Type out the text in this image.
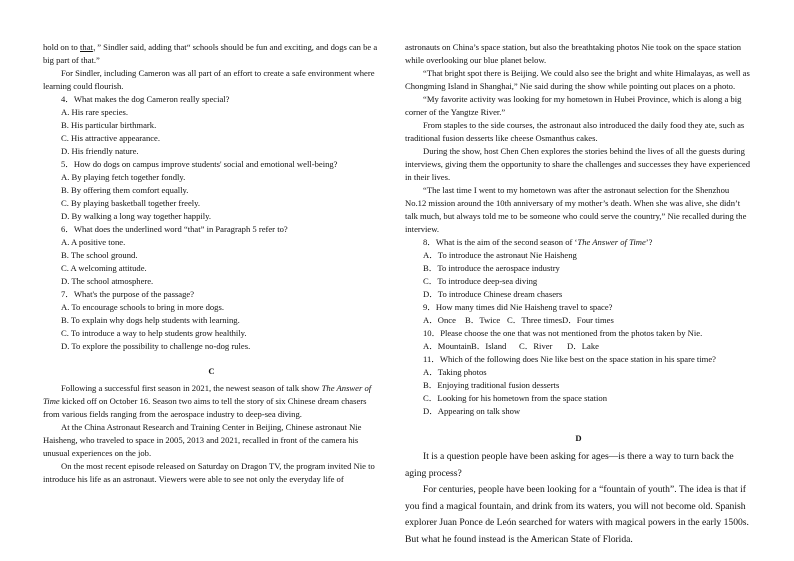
hold on to that，” Sindler said, adding that“ schools should be fun and exciting, and dogs can be a big part of that.”

For Sindler, including Cameron was all part of an effort to create a safe environment where learning could flourish.

4．What makes the dog Cameron really special?

A. His rare species.

B. His particular birthmark.

C. His attractive appearance.

D. His friendly nature.

5．How do dogs on campus improve students' social and emotional well-being?

A. By playing fetch together fondly.

B. By offering them comfort equally.

C. By playing basketball together freely.

D. By walking a long way together happily.

6．What does the underlined word “that” in Paragraph 5 refer to?

A. A positive tone.

B. The school ground.

C. A welcoming attitude.

D. The school atmosphere.

7．What's the purpose of the passage?

A. To encourage schools to bring in more dogs.

B. To explain why dogs help students with learning.

C. To introduce a way to help students grow healthily.

D. To explore the possibility to challenge no-dog rules.

C

Following a successful first season in 2021, the newest season of talk show The Answer of Time kicked off on October 16. Season two aims to tell the story of six Chinese dream chasers from various fields ranging from the aerospace industry to deep-sea diving.

At the China Astronaut Research and Training Center in Beijing, Chinese astronaut Nie Haisheng, who traveled to space in 2005, 2013 and 2021, recalled in front of the camera his unusual experiences on the job.

On the most recent episode released on Saturday on Dragon TV, the program invited Nie to introduce his life as an astronaut. Viewers were able to see not only the everyday life of

astronauts on China’s space station, but also the breathtaking photos Nie took on the space station while overlooking our blue planet below.

“That bright spot there is Beijing. We could also see the bright and white Himalayas, as well as Chongming Island in Shanghai,” Nie said during the show while pointing out places on a photo.

“My favorite activity was looking for my hometown in Hubei Province, which is along a big corner of the Yangtze River.”

From staples to the side courses, the astronaut also introduced the daily food they ate, such as traditional fusion desserts like cheese Osmanthus cakes.

During the show, host Chen Chen explores the stories behind the lives of all the guests during interviews, giving them the opportunity to share the challenges and successes they have experienced in their lives.

“The last time I went to my hometown was after the astronaut selection for the Shenzhou No.12 mission around the 10th anniversary of my mother’s death. When she was alive, she didn’t talk much, but always told me to be someone who could serve the country,” Nie recalled during the interview.

8．What is the aim of the second season of ‘The Answer of Time’?

A．To introduce the astronaut Nie Haisheng

B．To introduce the aerospace industry

C．To introduce deep-sea diving

D．To introduce Chinese dream chasers

9．How many times did Nie Haisheng travel to space?

A．Once	B．Twice C．Three times D．Four times

10．Please choose the one that was not mentioned from the photos taken by Nie.

A．Mountain B．Island	C．River	D．Lake

11．Which of the following does Nie like best on the space station in his spare time?

A．Taking photos

B．Enjoying traditional fusion desserts

C．Looking for his hometown from the space station

D．Appearing on talk show

D

It is a question people have been asking for ages—is there a way to turn back the aging process?

For centuries, people have been looking for a “fountain of youth”. The idea is that if you find a magical fountain, and drink from its waters, you will not become old. Spanish explorer Juan Ponce de León searched for waters with magical powers in the early 1500s. But what he found instead is the American State of Florida.
